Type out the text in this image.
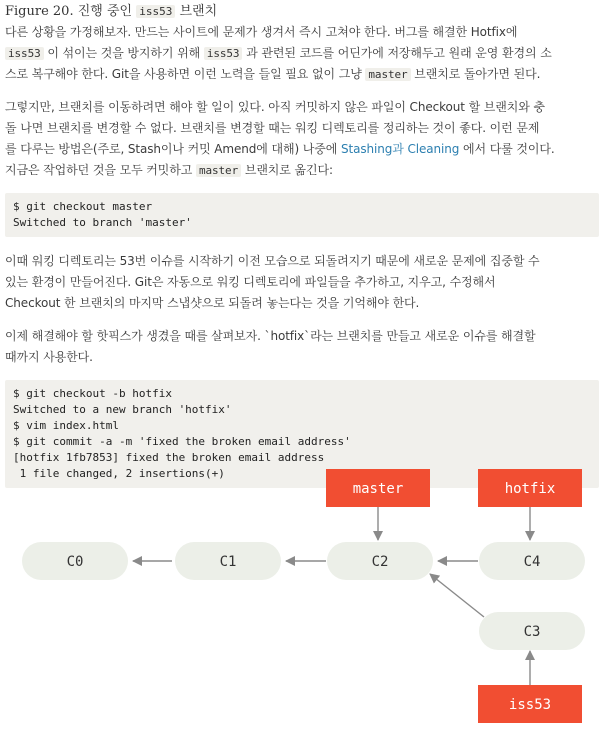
Figure 20. 진행 중인 iss53 브랜치

다른 상황을 가정해보자. 만드는 사이트에 문제가 생겨서 즉시 고쳐야 한다. 버그를 해결한 Hotfix에
iss53 이 섞이는 것을 방지하기 위해 iss53 과 관련된 코드를 어딘가에 저장해두고 원래 운영 환경의 소
스로 복구해야 한다. Git을 사용하면 이런 노력을 들일 필요 없이 그냥 master 브랜치로 돌아가면 된다.

그렇지만, 브랜치를 이동하려면 해야 할 일이 있다. 아직 커밋하지 않은 파일이 Checkout 할 브랜치와 충
돌 나면 브랜치를 변경할 수 없다. 브랜치를 변경할 때는 워킹 디렉토리를 정리하는 것이 좋다. 이런 문제
를 다루는 방법은(주로, Stash이나 커밋 Amend에 대해) 나중에 Stashing과 Cleaning 에서 다룰 것이다.
지금은 작업하던 것을 모두 커밋하고 master 브랜치로 옮긴다:

$ git checkout master
Switched to branch 'master'

이때 워킹 디렉토리는 53번 이슈를 시작하기 이전 모습으로 되돌려지기 때문에 새로운 문제에 집중할 수
있는 환경이 만들어진다. Git은 자동으로 워킹 디렉토리에 파일들을 추가하고, 지우고, 수정해서
Checkout 한 브랜치의 마지막 스냅샷으로 되돌려 놓는다는 것을 기억해야 한다.

이제 해결해야 할 핫픽스가 생겼을 때를 살펴보자. `hotfix`라는 브랜치를 만들고 새로운 이슈를 해결할
때까지 사용한다.

$ git checkout -b hotfix
Switched to a new branch 'hotfix'
$ vim index.html
$ git commit -a -m 'fixed the broken email address'
[hotfix 1fb7853] fixed the broken email address
1 file changed, 2 insertions(+)
C0	C1	C2	C4
C3
master	hotfix
iss53
